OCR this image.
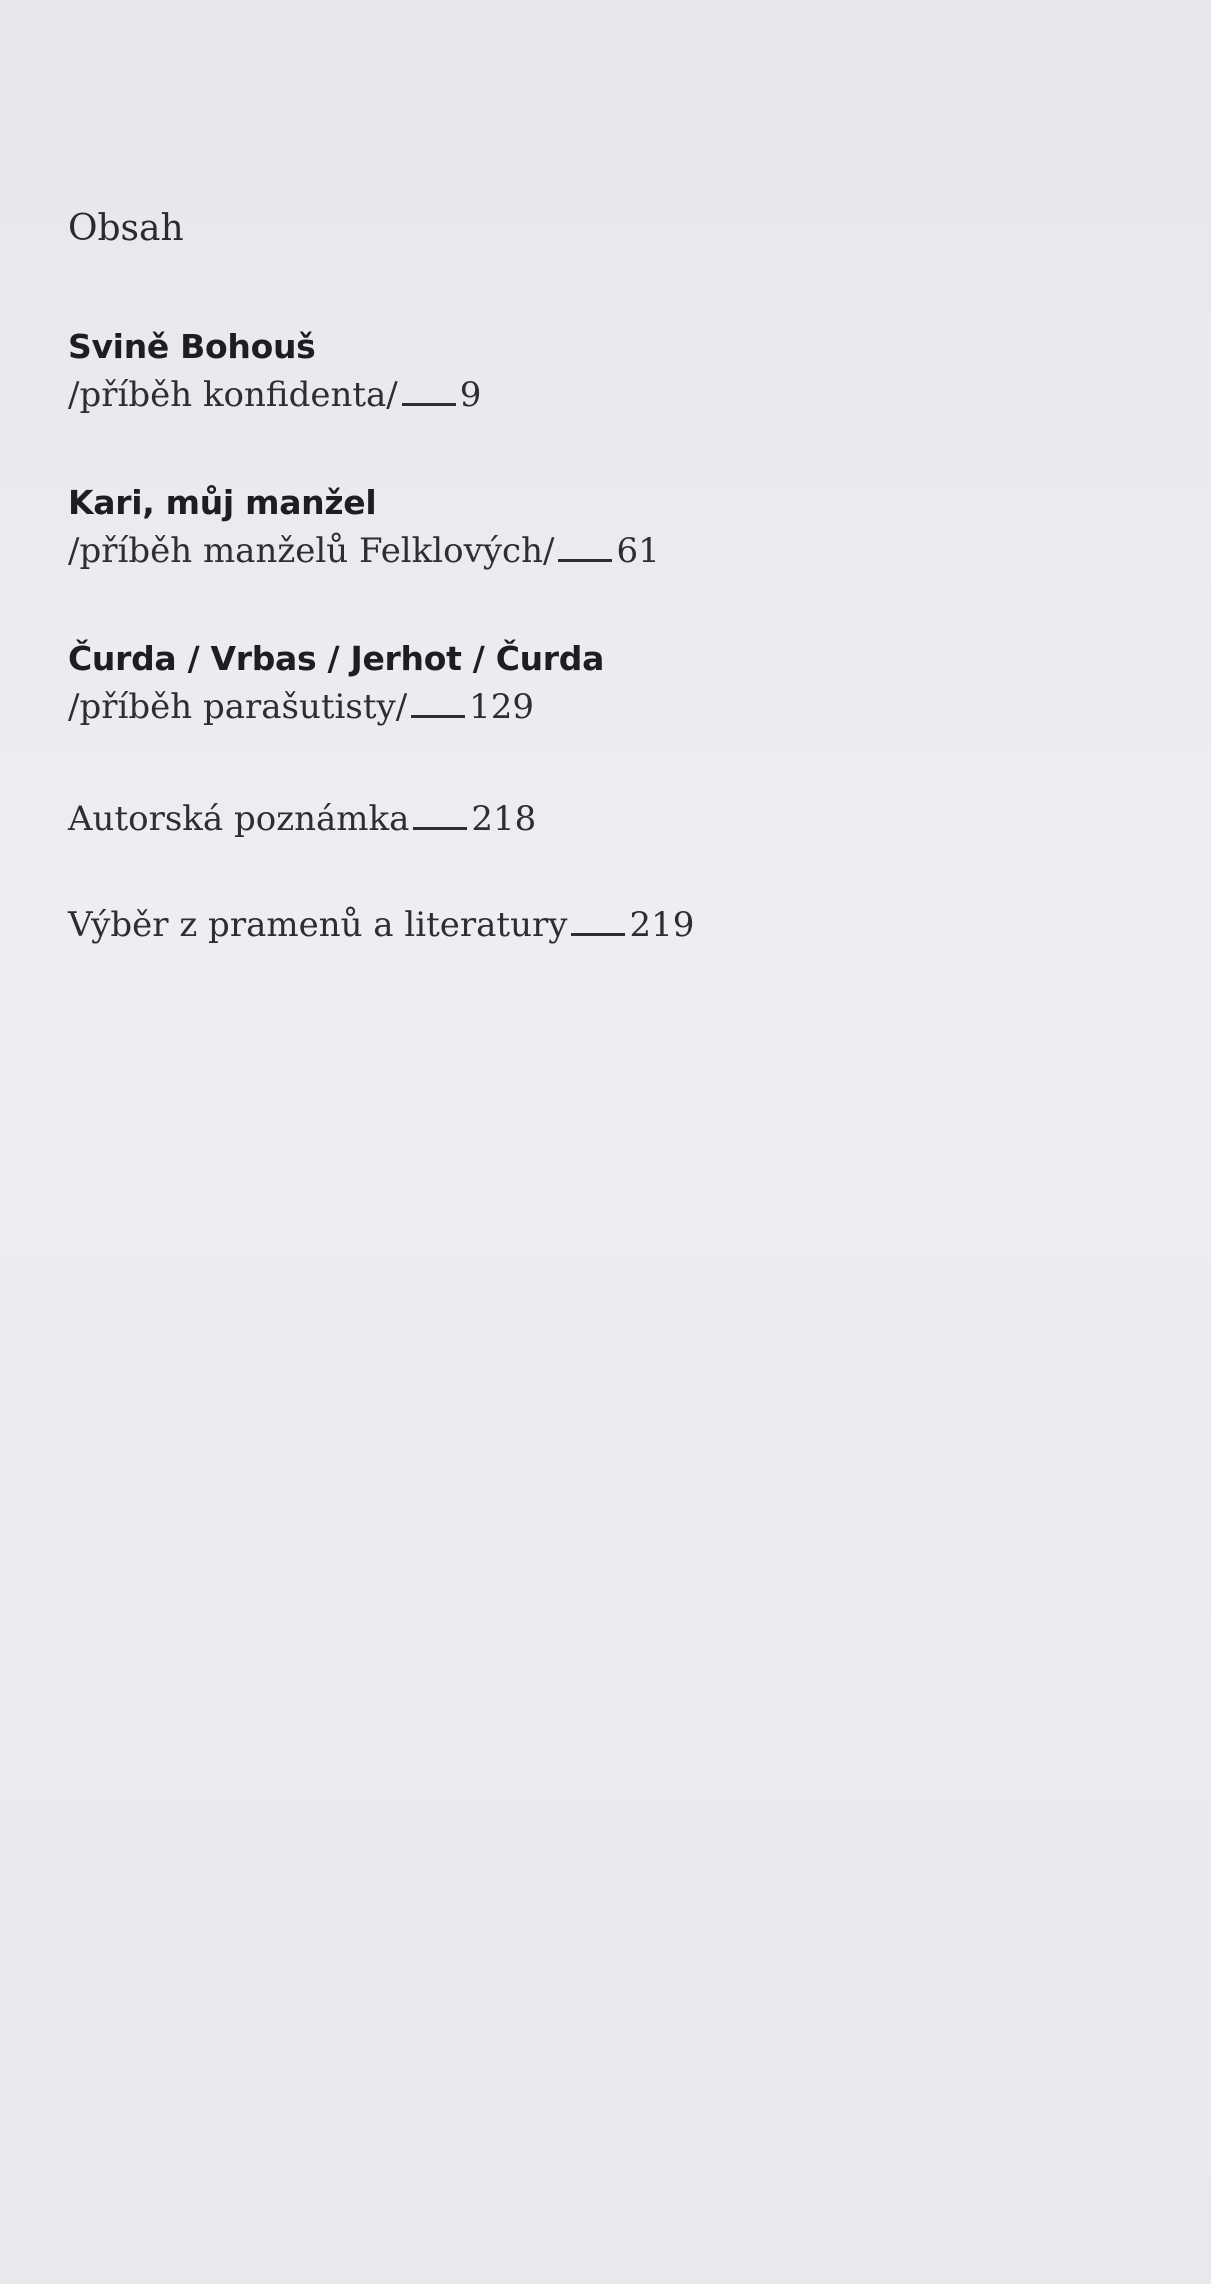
Obsah
Svině Bohouš
/příběh konfidenta/ 9
Kari, můj manžel
/příběh manželů Felklových/ 61
Čurda / Vrbas / Jerhot / Čurda
/příběh parašutisty/ 129
Autorská poznámka 218
Výběr z pramenů a literatury 219
